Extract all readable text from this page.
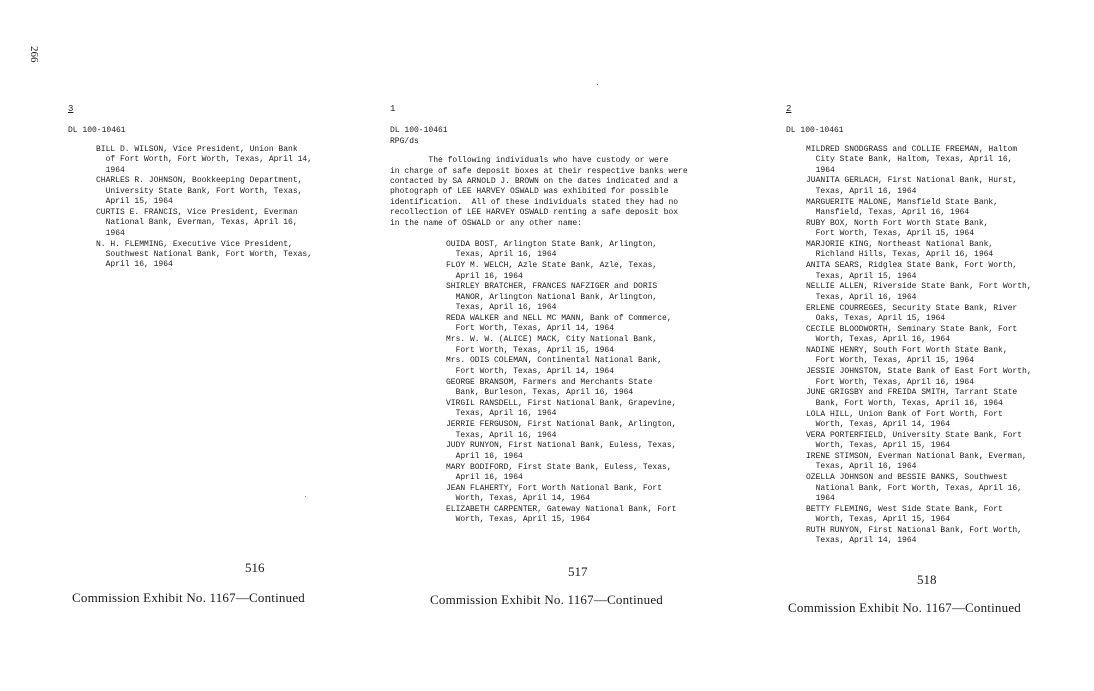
266
3
DL 100-10461
BILL D. WILSON, Vice President, Union Bank
of Fort Worth, Fort Worth, Texas, April 14,
1964
CHARLES R. JOHNSON, Bookkeeping Department,
University State Bank, Fort Worth, Texas,
April 15, 1964
CURTIS E. FRANCIS, Vice President, Everman
National Bank, Everman, Texas, April 16,
1964
N. H. FLEMMING, Executive Vice President,
Southwest National Bank, Fort Worth, Texas,
April 16, 1964
1
DL 100-10461
RPG/ds
The following individuals who have custody or were
in charge of safe deposit boxes at their respective banks were
contacted by SA ARNOLD J. BROWN on the dates indicated and a
photograph of LEE HARVEY OSWALD was exhibited for possible
identification.  All of these individuals stated they had no
recollection of LEE HARVEY OSWALD renting a safe deposit box
in the name of OSWALD or any other name:
OUIDA BOST, Arlington State Bank, Arlington,
Texas, April 16, 1964
FLOY M. WELCH, Azle State Bank, Azle, Texas,
April 16, 1964
SHIRLEY BRATCHER, FRANCES NAFZIGER and DORIS
MANOR, Arlington National Bank, Arlington,
Texas, April 16, 1964
REDA WALKER and NELL MC MANN, Bank of Commerce,
Fort Worth, Texas, April 14, 1964
Mrs. W. W. (ALICE) MACK, City National Bank,
Fort Worth, Texas, April 15, 1964
Mrs. ODIS COLEMAN, Continental National Bank,
Fort Worth, Texas, April 14, 1964
GEORGE BRANSOM, Farmers and Merchants State
Bank, Burleson, Texas, April 16, 1964
VIRGIL RANSDELL, First National Bank, Grapevine,
Texas, April 16, 1964
JERRIE FERGUSON, First National Bank, Arlington,
Texas, April 16, 1964
JUDY RUNYON, First National Bank, Euless, Texas,
April 16, 1964
MARY BODIFORD, First State Bank, Euless, Texas,
April 16, 1964
JEAN FLAHERTY, Fort Worth National Bank, Fort
Worth, Texas, April 14, 1964
ELIZABETH CARPENTER, Gateway National Bank, Fort
Worth, Texas, April 15, 1964
2
DL 100-10461
MILDRED SNODGRASS and COLLIE FREEMAN, Haltom
City State Bank, Haltom, Texas, April 16,
1964
JUANITA GERLACH, First National Bank, Hurst,
Texas, April 16, 1964
MARGUERITE MALONE, Mansfield State Bank,
Mansfield, Texas, April 16, 1964
RUBY BOX, North Fort Worth State Bank,
Fort Worth, Texas, April 15, 1964
MARJORIE KING, Northeast National Bank,
Richland Hills, Texas, April 16, 1964
ANITA SEARS, Ridglea State Bank, Fort Worth,
Texas, April 15, 1964
NELLIE ALLEN, Riverside State Bank, Fort Worth,
Texas, April 16, 1964
ERLENE COURREGES, Security State Bank, River
Oaks, Texas, April 15, 1964
CECILE BLOODWORTH, Seminary State Bank, Fort
Worth, Texas, April 16, 1964
NADINE HENRY, South Fort Worth State Bank,
Fort Worth, Texas, April 15, 1964
JESSIE JOHNSTON, State Bank of East Fort Worth,
Fort Worth, Texas, April 16, 1964
JUNE GRIGSBY and FREIDA SMITH, Tarrant State
Bank, Fort Worth, Texas, April 16, 1964
LOLA HILL, Union Bank of Fort Worth, Fort
Worth, Texas, April 14, 1964
VERA PORTERFIELD, University State Bank, Fort
Worth, Texas, April 15, 1964
IRENE STIMSON, Everman National Bank, Everman,
Texas, April 16, 1964
OZELLA JOHNSON and BESSIE BANKS, Southwest
National Bank, Fort Worth, Texas, April 16,
1964
BETTY FLEMING, West Side State Bank, Fort
Worth, Texas, April 15, 1964
RUTH RUNYON, First National Bank, Fort Worth,
Texas, April 14, 1964
516	517
518
Commission Exhibit No. 1167—Continued	Commission Exhibit No. 1167—Continued
Commission Exhibit No. 1167—Continued
